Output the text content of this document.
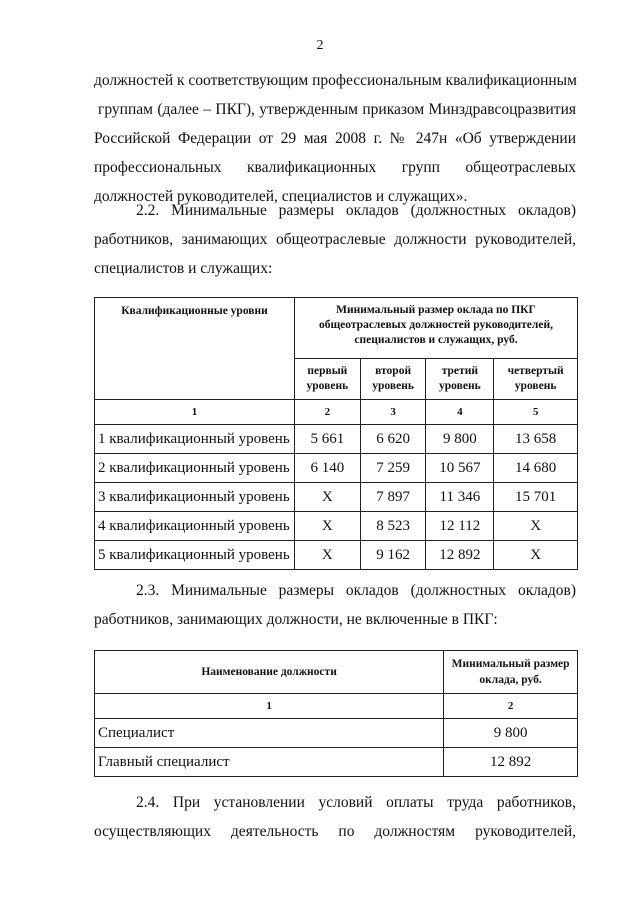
2
должностей к соответствующим профессиональным квалификационным
группам (далее – ПКГ), утвержденным приказом Минздравсоцразвития
Российской Федерации от 29 мая 2008 г. № 247н «Об утверждении
профессиональных квалификационных групп общеотраслевых
должностей руководителей, специалистов и служащих».
2.2. Минимальные размеры окладов (должностных окладов)
работников, занимающих общеотраслевые должности руководителей,
специалистов и служащих:
Квалификационные уровни	Минимальный размер оклада по ПКГ общеотраслевых должностей руководителей, специалистов и служащих, руб.			
	первый уровень	второй уровень	третий уровень	четвертый уровень
1	2	3	4	5
1 квалификационный уровень	5 661	6 620	9 800	13 658
2 квалификационный уровень	6 140	7 259	10 567	14 680
3 квалификационный уровень	Х	7 897	11 346	15 701
4 квалификационный уровень	Х	8 523	12 112	Х
5 квалификационный уровень	Х	9 162	12 892	Х
2.3. Минимальные размеры окладов (должностных окладов)
работников, занимающих должности, не включенные в ПКГ:
Наименование должности	Минимальный размер оклада, руб.
1	2
Специалист	9 800
Главный специалист	12 892
2.4. При установлении условий оплаты труда работников,
осуществляющих деятельность по должностям руководителей,
